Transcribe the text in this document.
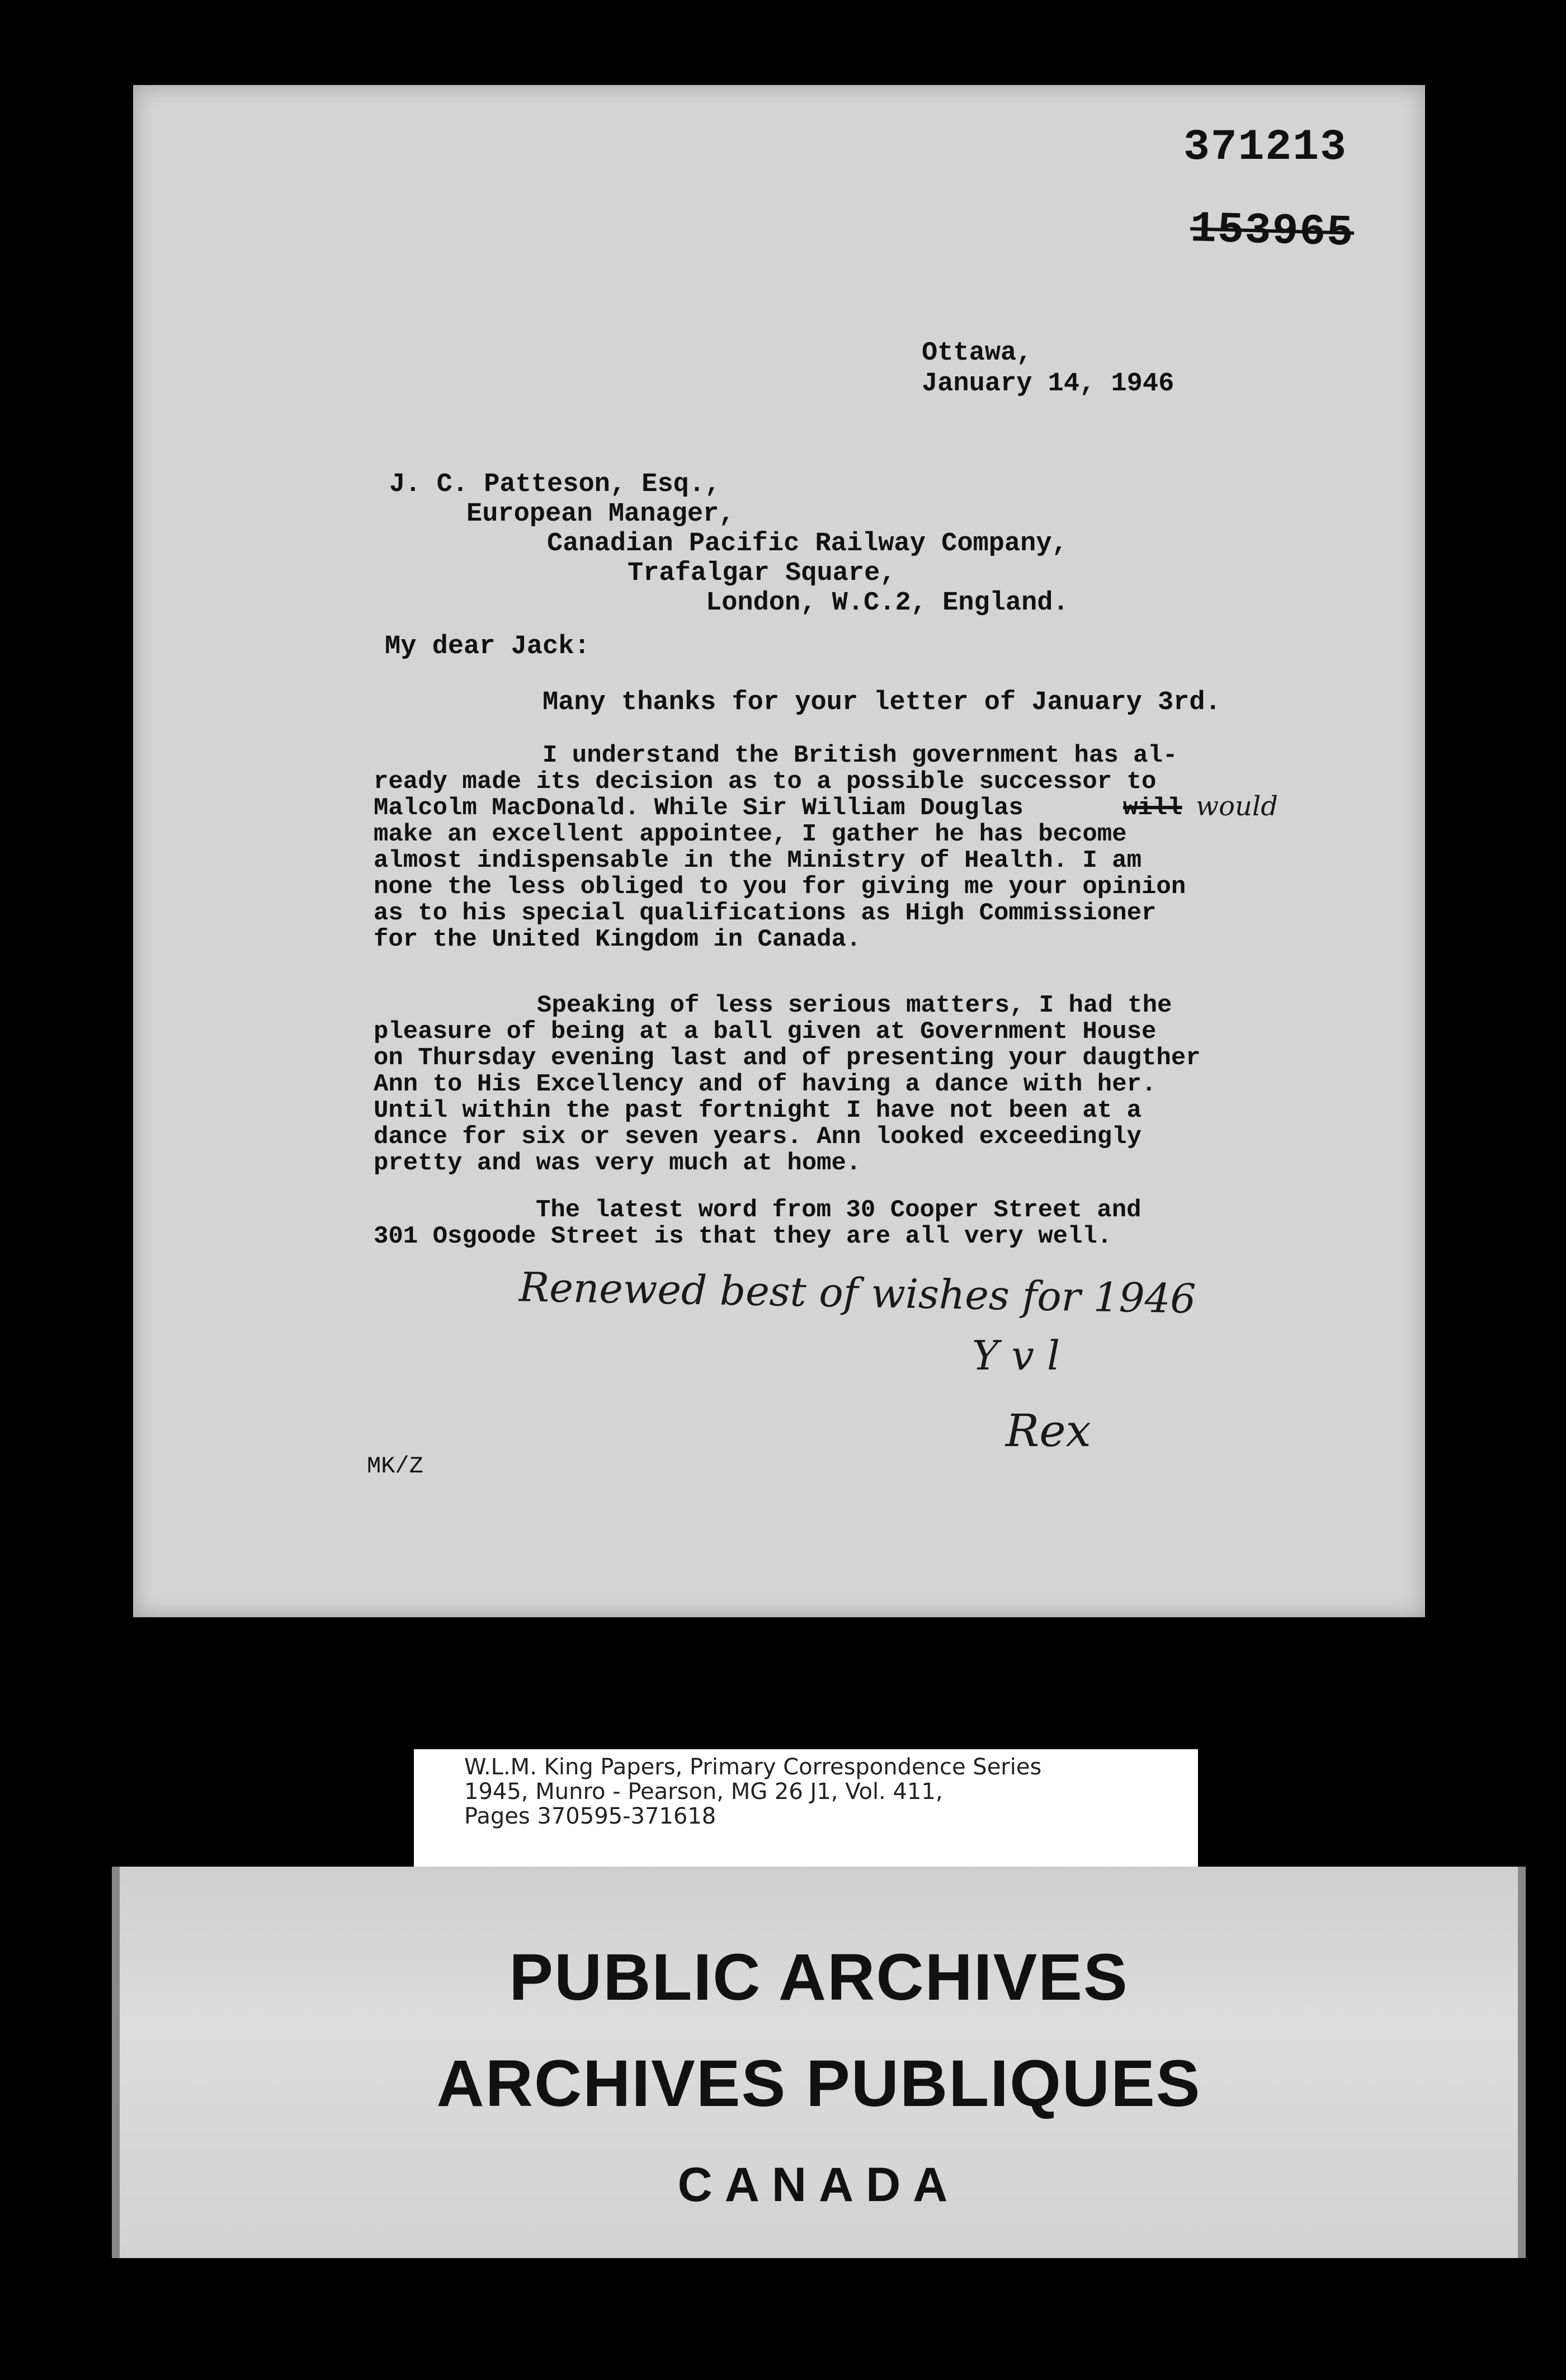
371213
153965
Ottawa,
January 14, 1946
J. C. Patteson, Esq.,
European Manager,
Canadian Pacific Railway Company,
Trafalgar Square,
London, W.C.2, England.
My dear Jack:
Many thanks for your letter of January 3rd.
I understand the British government has al-
ready made its decision as to a possible successor to
Malcolm MacDonald. While Sir William Douglas	will would
make an excellent appointee, I gather he has become
almost indispensable in the Ministry of Health. I am
none the less obliged to you for giving me your opinion
as to his special qualifications as High Commissioner
for the United Kingdom in Canada.
Speaking of less serious matters, I had the
pleasure of being at a ball given at Government House
on Thursday evening last and of presenting your daugther
Ann to His Excellency and of having a dance with her.
Until within the past fortnight I have not been at a
dance for six or seven years. Ann looked exceedingly
pretty and was very much at home.
The latest word from 30 Cooper Street and
301 Osgoode Street is that they are all very well.
Renewed best of wishes for 1946
Y v l
Rex
MK/Z
W.L.M. King Papers, Primary Correspondence Series
1945, Munro - Pearson, MG 26 J1, Vol. 411,
Pages 370595-371618
PUBLIC ARCHIVES
ARCHIVES PUBLIQUES
CANADA
